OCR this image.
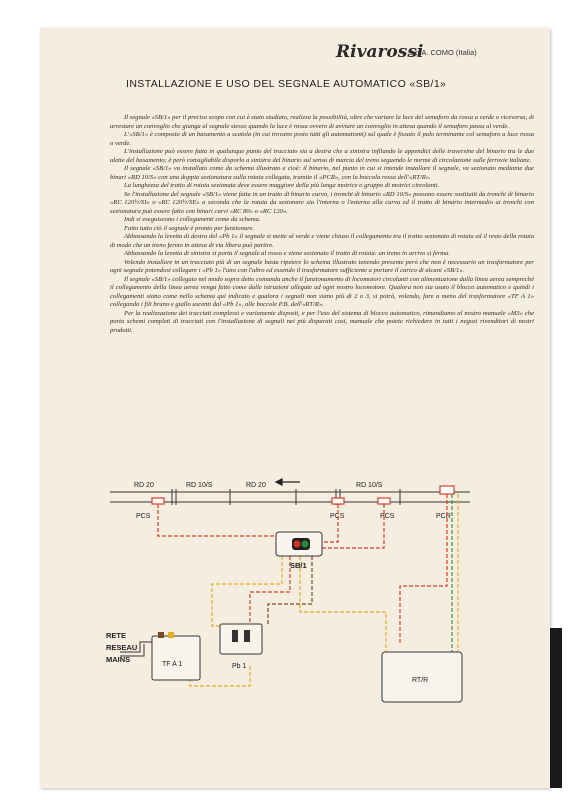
Rivarossi
S.p.A. COMO (Italia)
INSTALLAZIONE E USO DEL SEGNALE AUTOMATICO «SB/1»

Il segnale «SB/1» per il preciso scopo con cui è stato studiato, realizza la possibilità, oltre che variare la luce del semaforo da rossa a verde o viceversa, di arrestare un convoglio che giunga al segnale stesso quando la luce è rossa ovvero di avviare un convoglio in attesa quando il semaforo passa al verde.

L'«SB/1» è composto di un basamento a scatola (in cui trovano posto tutti gli automatismi) sul quale è fissato il palo terminante col semaforo a luce rossa o verde.

L'installazione può essere fatta in qualunque punto del tracciato sia a destra che a sinistra infilando le appendici delle traversine del binario tra le due alette del basamento; è però consigliabile disporlo a sinistra del binario sul senso di marcia del treno seguendo le norme di circolazione sulle ferrovie italiane.

Il segnale «SB/1» va installato come da schema illustrato e cioè: il binario, nel punto in cui si intende installare il segnale, va sezionato mediante due binari «RD 10/S» con una doppia sezionatura sulla rotaia collegata, tramite il «PCR», con la boccola rossa dell'«RT/R».

La lunghezza del tratto di rotaia sezionata deve essere maggiore della più lunga motrice o gruppo di motrici circolanti.

Se l'installazione del segnale «SB/1» viene fatta in un tratto di binario curvo, i tronchi di binario «RD 10/S» possono essere sostituiti da tronchi di binario «RC 120½/SI» o «RC 120½/SE» a seconda che la rotaia da sezionare sia l'interna o l'esterna alla curva ed il tratto di binario intermedio ai tronchi con sezionatura può essere fatto con binari curvi «RC 80» o «RC 120».

Indi si eseguiscono i collegamenti come da schema.

Fatto tutto ciò il segnale è pronto per funzionare.

Abbassando la levetta di destra del «Pb 1» il segnale si mette al verde e viene chiuso il collegamento tra il tratto sezionato di rotaia ed il resto della rotaia di modo che un treno fermo in attesa di via libera può partire.

Abbassando la levetta di sinistra si porta il segnale al rosso e viene sezionato il tratto di rotaia: un treno in arrivo si ferma.

Volendo installare in un tracciato più di un segnale basta ripetere lo schema illustrato tenendo presente però che non è necessario un trasformatore per ogni segnale potendosi collegare i «Pb 1» l'uno con l'altro ed essendo il trasformatore sufficiente a portare il carico di alcuni «SB/1».

Il segnale «SB/1» collegato nel modo sopra detto comanda anche il funzionamento di locomotori circolanti con alimentazione dalla linea aerea sempreché il collegamento della linea aerea venga fatto come dalle istruzioni allegate ad ogni nostro locomotore. Qualora non sia usato il blocco automatico e quindi i collegamenti siano come nello schema qui indicato e qualora i segnali non siano più di 2 o 3, si potrà, volendo, fare a meno del trasformatore «TF A 1» collegando i fili bruno e giallo uscenti dal «Pb 1», alle boccole P.B. dell'«RT/R».

Per la realizzazione dei tracciati complessi e variamente disposti, e per l'uso del sistema di blocco automatico, rimandiamo al nostro manuale «M3» che porta schemi completi di tracciati con l'installazione di segnali nei più disparati casi, manuale che potete richiedere in tutti i negozi rivenditori di nostri prodotti.

RD 20	RD 10/S	RD 20	RD 10/S
PCS	PCS	PCS	PCR
SB/1
RETE
RESEAU
MAINS
TF A 1	Pb 1
RT/R
